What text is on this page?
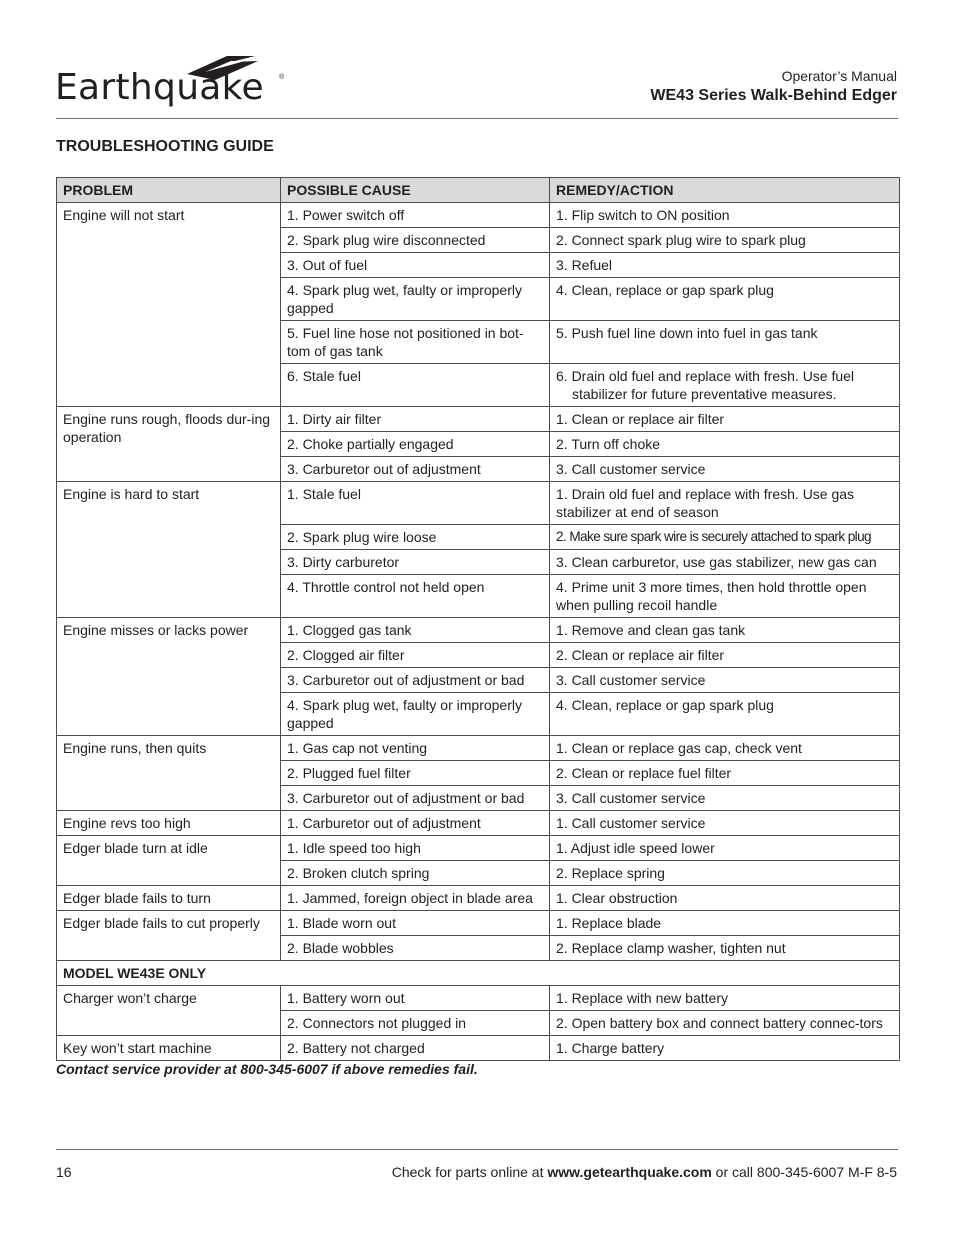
Earthquake ®	Operator’s Manual
WE43 Series Walk-Behind Edger
TROUBLESHOOTING GUIDE
PROBLEM	POSSIBLE CAUSE	REMEDY/ACTION
Engine will not start	1. Power switch off	1. Flip switch to ON position
	2. Spark plug wire disconnected	2. Connect spark plug wire to spark plug
	3. Out of fuel	3. Refuel
	4. Spark plug wet, faulty or improperly gapped	4. Clean, replace or gap spark plug
	5. Fuel line hose not positioned in bot-tom of gas tank	5. Push fuel line down into fuel in gas tank
	6. Stale fuel	6. Drain old fuel and replace with fresh. Use fuel stabilizer for future preventative measures.
Engine runs rough, floods dur-ing operation	1. Dirty air filter	1. Clean or replace air filter
	2. Choke partially engaged	2. Turn off choke
	3. Carburetor out of adjustment	3. Call customer service
Engine is hard to start	1. Stale fuel	1. Drain old fuel and replace with fresh. Use gas stabilizer at end of season
	2. Spark plug wire loose	2. Make sure spark wire is securely attached to spark plug
	3. Dirty carburetor	3. Clean carburetor, use gas stabilizer, new gas can
	4. Throttle control not held open	4. Prime unit 3 more times, then hold throttle open when pulling recoil handle
Engine misses or lacks power	1. Clogged gas tank	1. Remove and clean gas tank
	2. Clogged air filter	2. Clean or replace air filter
	3. Carburetor out of adjustment or bad	3. Call customer service
	4. Spark plug wet, faulty or improperly gapped	4. Clean, replace or gap spark plug
Engine runs, then quits	1. Gas cap not venting	1. Clean or replace gas cap, check vent
	2. Plugged fuel filter	2. Clean or replace fuel filter
	3. Carburetor out of adjustment or bad	3. Call customer service
Engine revs too high	1. Carburetor out of adjustment	1. Call customer service
Edger blade turn at idle	1. Idle speed too high	1. Adjust idle speed lower
	2. Broken clutch spring	2. Replace spring
Edger blade fails to turn	1. Jammed, foreign object in blade area	1. Clear obstruction
Edger blade fails to cut properly	1. Blade worn out	1. Replace blade
	2. Blade wobbles	2. Replace clamp washer, tighten nut
MODEL WE43E ONLY		
Charger won’t charge	1. Battery worn out	1. Replace with new battery
	2. Connectors not plugged in	2. Open battery box and connect battery connec-tors
Key won’t start machine	2. Battery not charged	1. Charge battery
Contact service provider at 800-345-6007 if above remedies fail.
16	Check for parts online at www.getearthquake.com or call 800-345-6007 M-F 8-5
